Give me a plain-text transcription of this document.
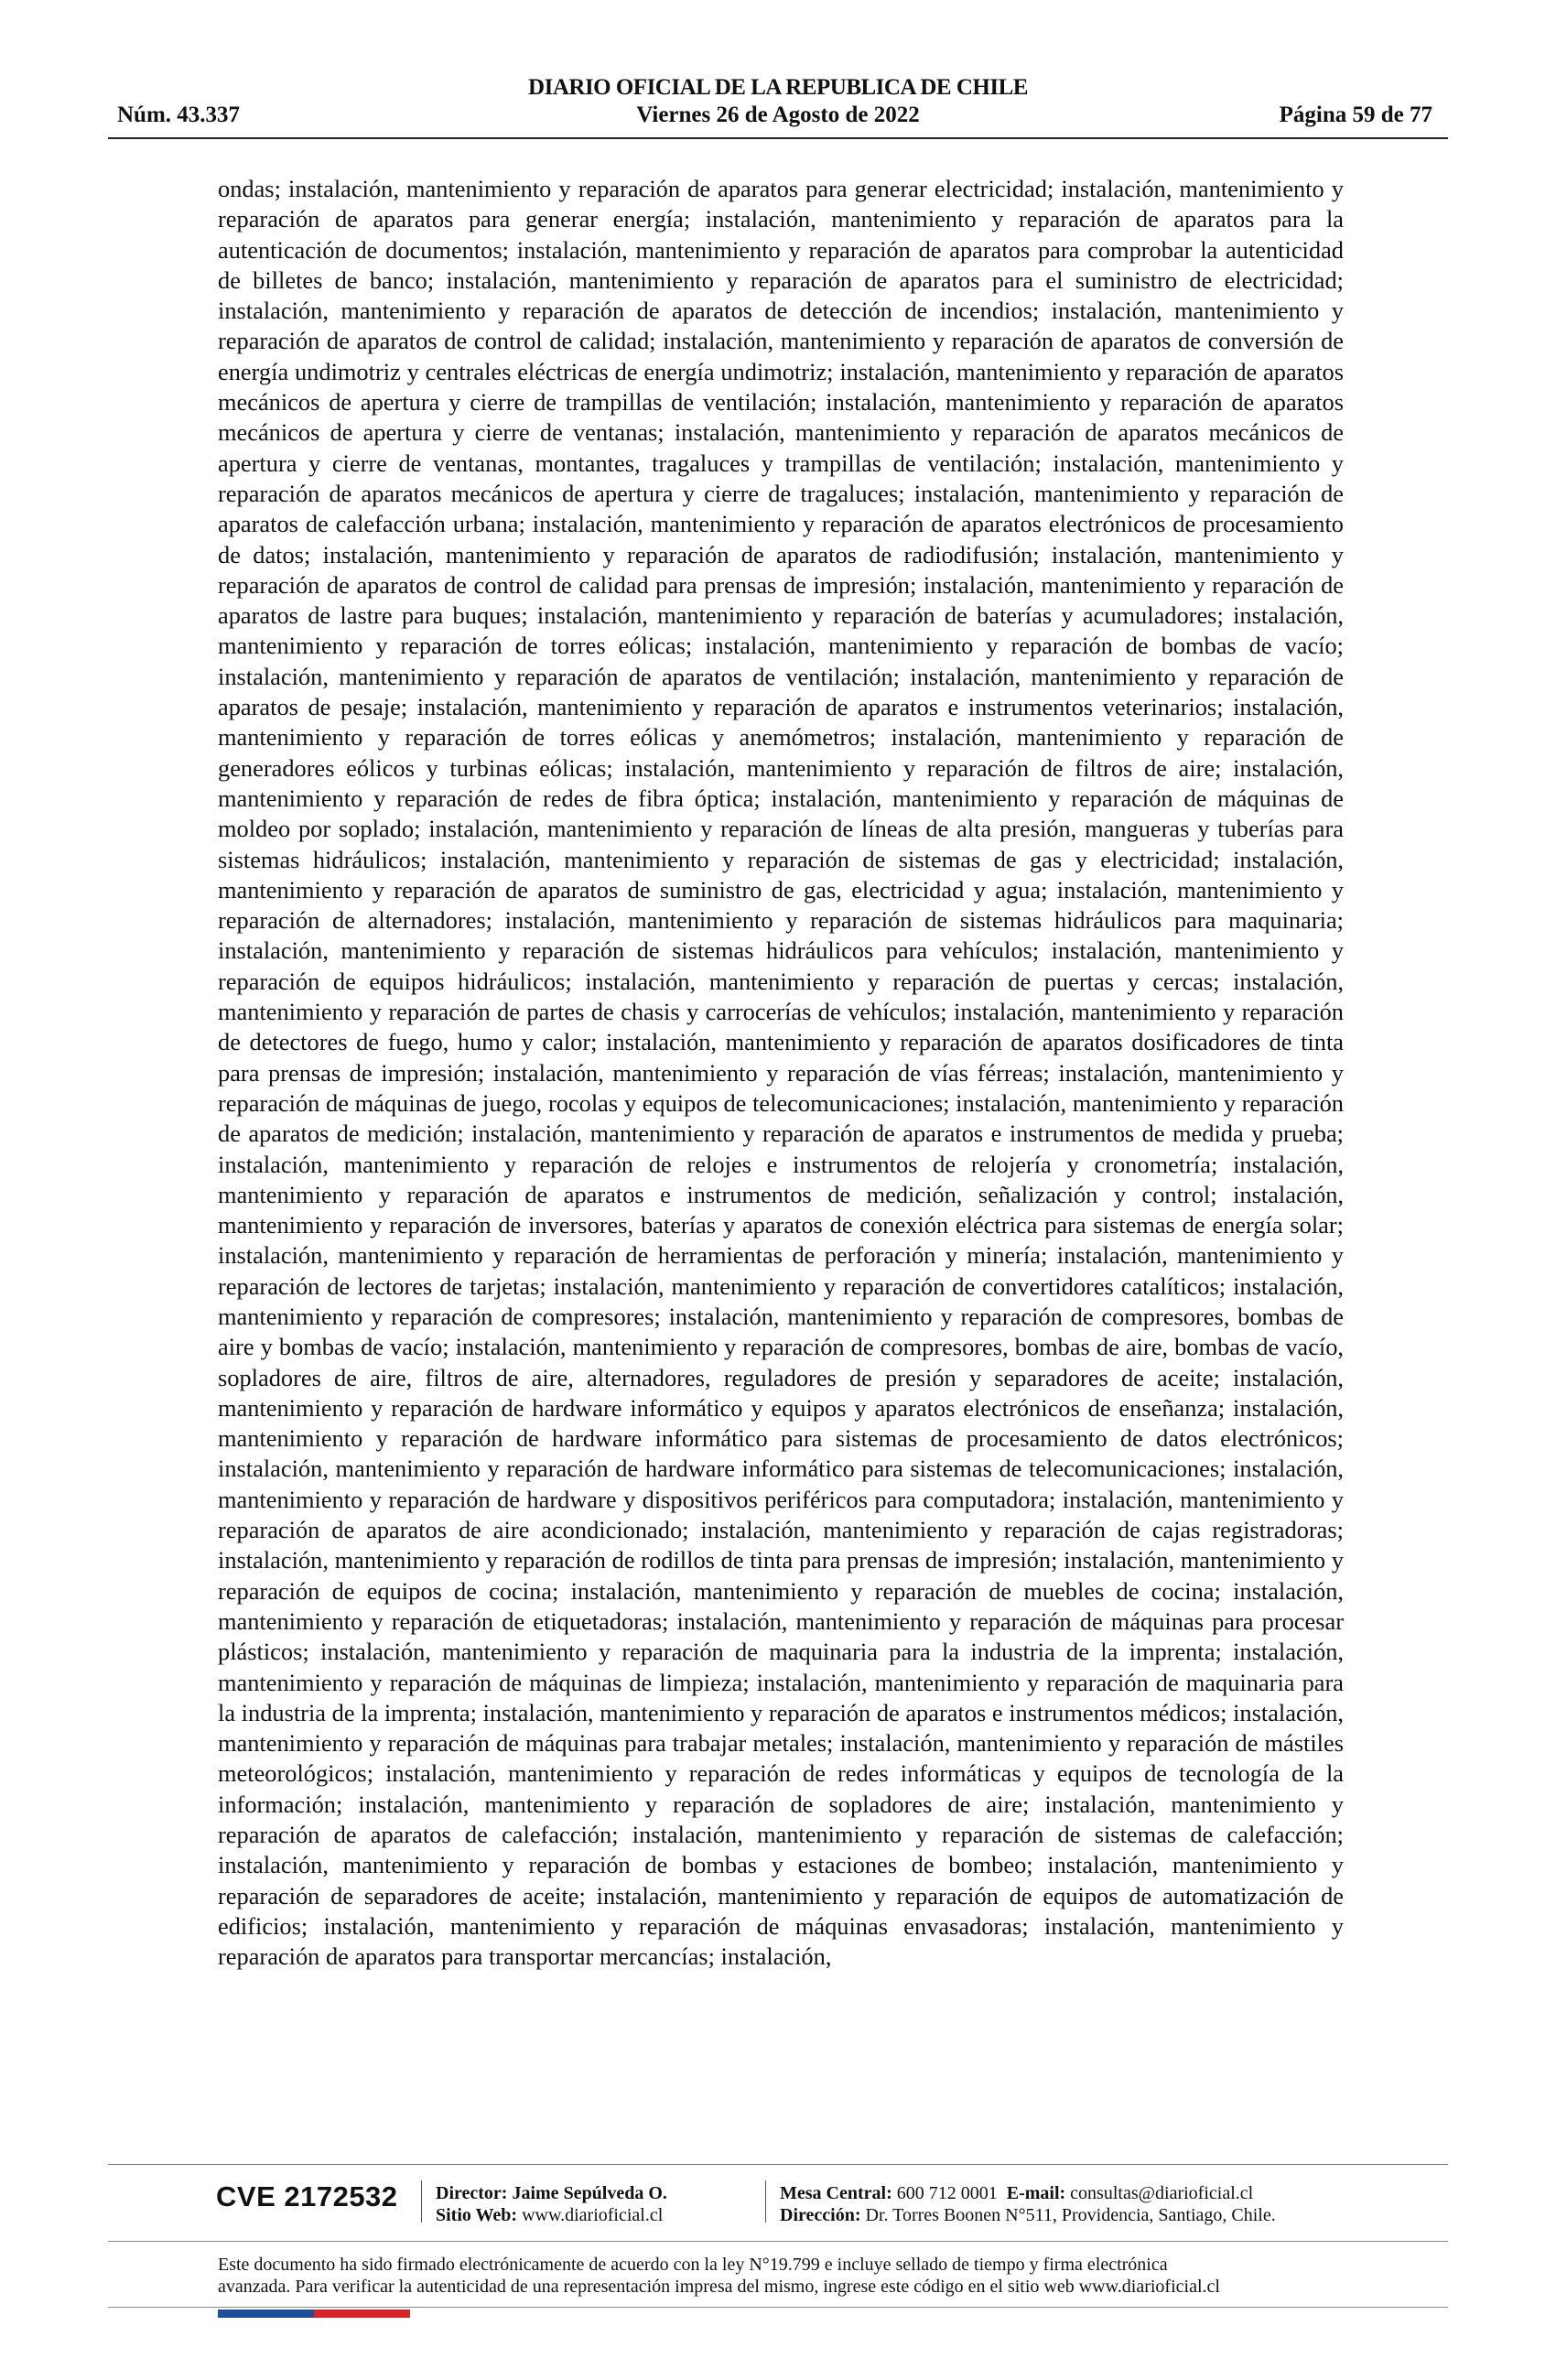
DIARIO OFICIAL DE LA REPUBLICA DE CHILE
Núm. 43.337	Viernes 26 de Agosto de 2022	Página 59 de 77

ondas; instalación, mantenimiento y reparación de aparatos para generar electricidad; instalación, mantenimiento y reparación de aparatos para generar energía; instalación, mantenimiento y reparación de aparatos para la autenticación de documentos; instalación, mantenimiento y reparación de aparatos para comprobar la autenticidad de billetes de banco; instalación, mantenimiento y reparación de aparatos para el suministro de electricidad; instalación, mantenimiento y reparación de aparatos de detección de incendios; instalación, mantenimiento y reparación de aparatos de control de calidad; instalación, mantenimiento y reparación de aparatos de conversión de energía undimotriz y centrales eléctricas de energía undimotriz; instalación, mantenimiento y reparación de aparatos mecánicos de apertura y cierre de trampillas de ventilación; instalación, mantenimiento y reparación de aparatos mecánicos de apertura y cierre de ventanas; instalación, mantenimiento y reparación de aparatos mecánicos de apertura y cierre de ventanas, montantes, tragaluces y trampillas de ventilación; instalación, mantenimiento y reparación de aparatos mecánicos de apertura y cierre de tragaluces; instalación, mantenimiento y reparación de aparatos de calefacción urbana; instalación, mantenimiento y reparación de aparatos electrónicos de procesamiento de datos; instalación, mantenimiento y reparación de aparatos de radiodifusión; instalación, mantenimiento y reparación de aparatos de control de calidad para prensas de impresión; instalación, mantenimiento y reparación de aparatos de lastre para buques; instalación, mantenimiento y reparación de baterías y acumuladores; instalación, mantenimiento y reparación de torres eólicas; instalación, mantenimiento y reparación de bombas de vacío; instalación, mantenimiento y reparación de aparatos de ventilación; instalación, mantenimiento y reparación de aparatos de pesaje; instalación, mantenimiento y reparación de aparatos e instrumentos veterinarios; instalación, mantenimiento y reparación de torres eólicas y anemómetros; instalación, mantenimiento y reparación de generadores eólicos y turbinas eólicas; instalación, mantenimiento y reparación de filtros de aire; instalación, mantenimiento y reparación de redes de fibra óptica; instalación, mantenimiento y reparación de máquinas de moldeo por soplado; instalación, mantenimiento y reparación de líneas de alta presión, mangueras y tuberías para sistemas hidráulicos; instalación, mantenimiento y reparación de sistemas de gas y electricidad; instalación, mantenimiento y reparación de aparatos de suministro de gas, electricidad y agua; instalación, mantenimiento y reparación de alternadores; instalación, mantenimiento y reparación de sistemas hidráulicos para maquinaria; instalación, mantenimiento y reparación de sistemas hidráulicos para vehículos; instalación, mantenimiento y reparación de equipos hidráulicos; instalación, mantenimiento y reparación de puertas y cercas; instalación, mantenimiento y reparación de partes de chasis y carrocerías de vehículos; instalación, mantenimiento y reparación de detectores de fuego, humo y calor; instalación, mantenimiento y reparación de aparatos dosificadores de tinta para prensas de impresión; instalación, mantenimiento y reparación de vías férreas; instalación, mantenimiento y reparación de máquinas de juego, rocolas y equipos de telecomunicaciones; instalación, mantenimiento y reparación de aparatos de medición; instalación, mantenimiento y reparación de aparatos e instrumentos de medida y prueba; instalación, mantenimiento y reparación de relojes e instrumentos de relojería y cronometría; instalación, mantenimiento y reparación de aparatos e instrumentos de medición, señalización y control; instalación, mantenimiento y reparación de inversores, baterías y aparatos de conexión eléctrica para sistemas de energía solar; instalación, mantenimiento y reparación de herramientas de perforación y minería; instalación, mantenimiento y reparación de lectores de tarjetas; instalación, mantenimiento y reparación de convertidores catalíticos; instalación, mantenimiento y reparación de compresores; instalación, mantenimiento y reparación de compresores, bombas de aire y bombas de vacío; instalación, mantenimiento y reparación de compresores, bombas de aire, bombas de vacío, sopladores de aire, filtros de aire, alternadores, reguladores de presión y separadores de aceite; instalación, mantenimiento y reparación de hardware informático y equipos y aparatos electrónicos de enseñanza; instalación, mantenimiento y reparación de hardware informático para sistemas de procesamiento de datos electrónicos; instalación, mantenimiento y reparación de hardware informático para sistemas de telecomunicaciones; instalación, mantenimiento y reparación de hardware y dispositivos periféricos para computadora; instalación, mantenimiento y reparación de aparatos de aire acondicionado; instalación, mantenimiento y reparación de cajas registradoras; instalación, mantenimiento y reparación de rodillos de tinta para prensas de impresión; instalación, mantenimiento y reparación de equipos de cocina; instalación, mantenimiento y reparación de muebles de cocina; instalación, mantenimiento y reparación de etiquetadoras; instalación, mantenimiento y reparación de máquinas para procesar plásticos; instalación, mantenimiento y reparación de maquinaria para la industria de la imprenta; instalación, mantenimiento y reparación de máquinas de limpieza; instalación, mantenimiento y reparación de maquinaria para la industria de la imprenta; instalación, mantenimiento y reparación de aparatos e instrumentos médicos; instalación, mantenimiento y reparación de máquinas para trabajar metales; instalación, mantenimiento y reparación de mástiles meteorológicos; instalación, mantenimiento y reparación de redes informáticas y equipos de tecnología de la información; instalación, mantenimiento y reparación de sopladores de aire; instalación, mantenimiento y reparación de aparatos de calefacción; instalación, mantenimiento y reparación de sistemas de calefacción; instalación, mantenimiento y reparación de bombas y estaciones de bombeo; instalación, mantenimiento y reparación de separadores de aceite; instalación, mantenimiento y reparación de equipos de automatización de edificios; instalación, mantenimiento y reparación de máquinas envasadoras; instalación, mantenimiento y reparación de aparatos para transportar mercancías; instalación,

CVE 2172532 Director: Jaime Sepúlveda O.
Sitio Web: www.diarioficial.cl
Mesa Central: 600 712 0001 E-mail: consultas@diarioficial.cl
Dirección: Dr. Torres Boonen N°511, Providencia, Santiago, Chile.
Este documento ha sido firmado electrónicamente de acuerdo con la ley N°19.799 e incluye sellado de tiempo y firma electrónica
avanzada. Para verificar la autenticidad de una representación impresa del mismo, ingrese este código en el sitio web www.diarioficial.cl
